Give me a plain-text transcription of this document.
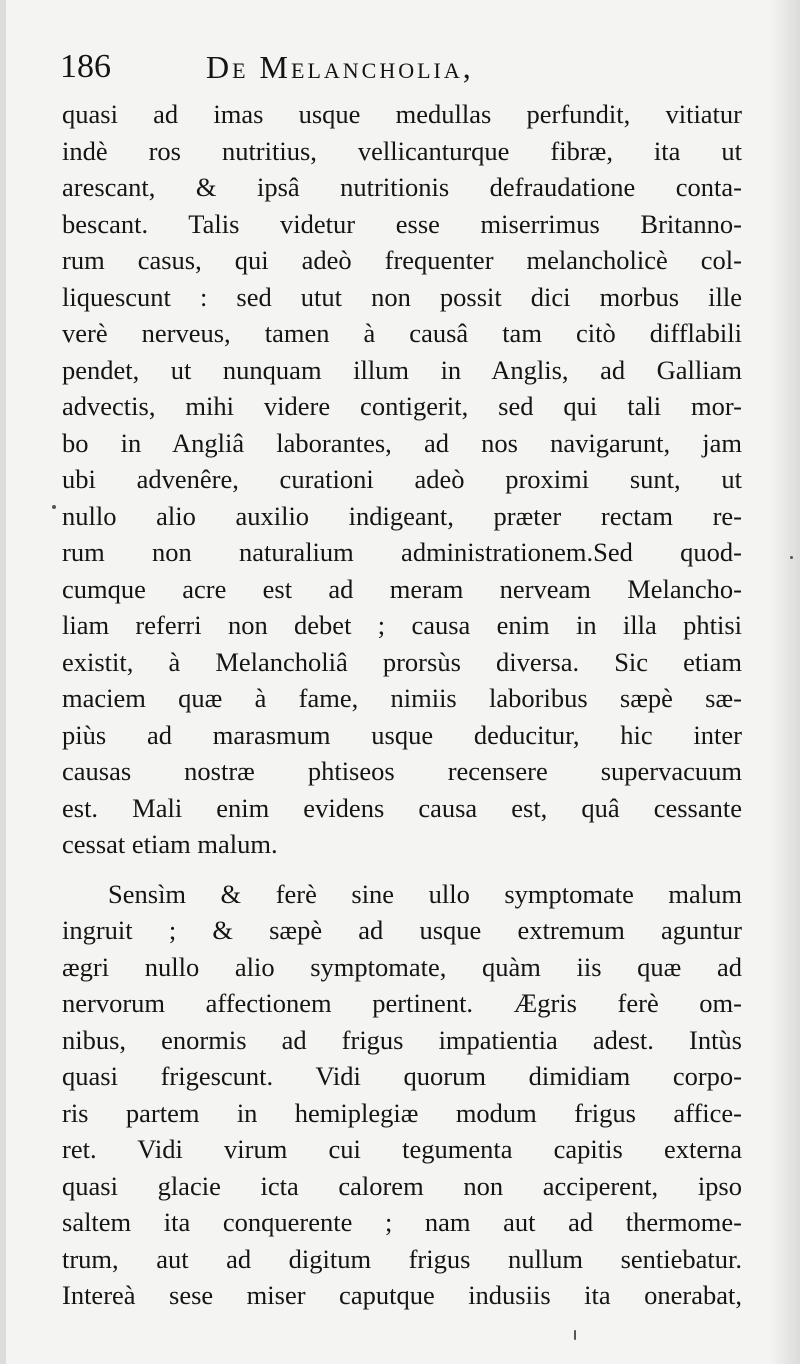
186	De Melancholia,
quasi ad imas usque medullas perfundit, vitiatur
indè ros nutritius, vellicanturque fibræ, ita ut
arescant, & ipsâ nutritionis defraudatione conta-
bescant. Talis videtur esse miserrimus Britanno-
rum casus, qui adeò frequenter melancholicè col-
liquescunt : sed utut non possit dici morbus ille
verè nerveus, tamen à causâ tam citò difflabili
pendet, ut nunquam illum in Anglis, ad Galliam
advectis, mihi videre contigerit, sed qui tali mor-
bo in Angliâ laborantes, ad nos navigarunt, jam
ubi advenêre, curationi adeò proximi sunt, ut
nullo alio auxilio indigeant, præter rectam re-
rum non naturalium administrationem.Sed quod-
cumque acre est ad meram nerveam Melancho-
liam referri non debet ; causa enim in illa phtisi
existit, à Melancholiâ prorsùs diversa. Sic etiam
maciem quæ à fame, nimiis laboribus sæpè sæ-
piùs ad marasmum usque deducitur, hic inter
causas nostræ phtiseos recensere supervacuum
est. Mali enim evidens causa est, quâ cessante
cessat etiam malum.
Sensìm & ferè sine ullo symptomate malum
ingruit ; & sæpè ad usque extremum aguntur
ægri nullo alio symptomate, quàm iis quæ ad
nervorum affectionem pertinent. Ægris ferè om-
nibus, enormis ad frigus impatientia adest. Intùs
quasi frigescunt. Vidi quorum dimidiam corpo-
ris partem in hemiplegiæ modum frigus affice-
ret. Vidi virum cui tegumenta capitis externa
quasi glacie icta calorem non acciperent, ipso
saltem ita conquerente ; nam aut ad thermome-
trum, aut ad digitum frigus nullum sentiebatur.
Intereà sese miser caputque indusiis ita onerabat,
